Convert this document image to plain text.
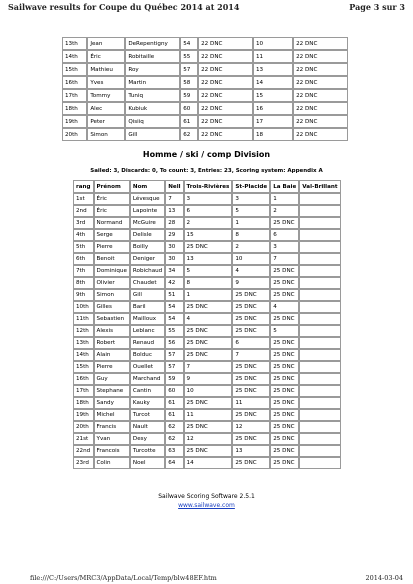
Sailwave results for Coupe du Québec 2014 at 2014	Page 3 sur 3
13th	Jean	DeRepentigny	54	22 DNC	10	22 DNC
14th	Éric	Robitaille	55	22 DNC	11	22 DNC
15th	Mathieu	Roy	57	22 DNC	13	22 DNC
16th	Yves	Martin	58	22 DNC	14	22 DNC
17th	Tommy	Tuniq	59	22 DNC	15	22 DNC
18th	Alec	Kubiuk	60	22 DNC	16	22 DNC
19th	Peter	Qisiiq	61	22 DNC	17	22 DNC
20th	Simon	Gill	62	22 DNC	18	22 DNC
Homme / ski / comp Division
Sailed: 3, Discards: 0, To count: 3, Entries: 23, Scoring system: Appendix A
rang	Prénom	Nom	Nell	Trois-Rivières	St-Placide	La Baie	Val-Brillant
1st	Éric	Lévesque	7	3	3	1	
2nd	Éric	Lapointe	13	6	5	2	
3rd	Normand	McGuire	28	2	1	25 DNC	
4th	Serge	Delisle	29	15	8	6	
5th	Pierre	Boilly	30	25 DNC	2	3	
6th	Benoit	Deniger	30	13	10	7	
7th	Dominique	Robichaud	34	5	4	25 DNC	
8th	Olivier	Chaudet	42	8	9	25 DNC	
9th	Simon	Gill	51	1	25 DNC	25 DNC	
10th	Gilles	Baril	54	25 DNC	25 DNC	4	
11th	Sebastien	Mailloux	54	4	25 DNC	25 DNC	
12th	Alexis	Leblanc	55	25 DNC	25 DNC	5	
13th	Robert	Renaud	56	25 DNC	6	25 DNC	
14th	Alain	Bolduc	57	25 DNC	7	25 DNC	
15th	Pierre	Ouellet	57	7	25 DNC	25 DNC	
16th	Guy	Marchand	59	9	25 DNC	25 DNC	
17th	Stephane	Cantin	60	10	25 DNC	25 DNC	
18th	Sandy	Kauky	61	25 DNC	11	25 DNC	
19th	Michel	Turcot	61	11	25 DNC	25 DNC	
20th	Francis	Nault	62	25 DNC	12	25 DNC	
21st	Yvan	Desy	62	12	25 DNC	25 DNC	
22nd	Francois	Turcotte	63	25 DNC	13	25 DNC	
23rd	Colin	Noel	64	14	25 DNC	25 DNC	
Sailwave Scoring Software 2.5.1
www.sailwave.com
file:///C:/Users/MRC3/AppData/Local/Temp/blw48EF.htm	2014-03-04
